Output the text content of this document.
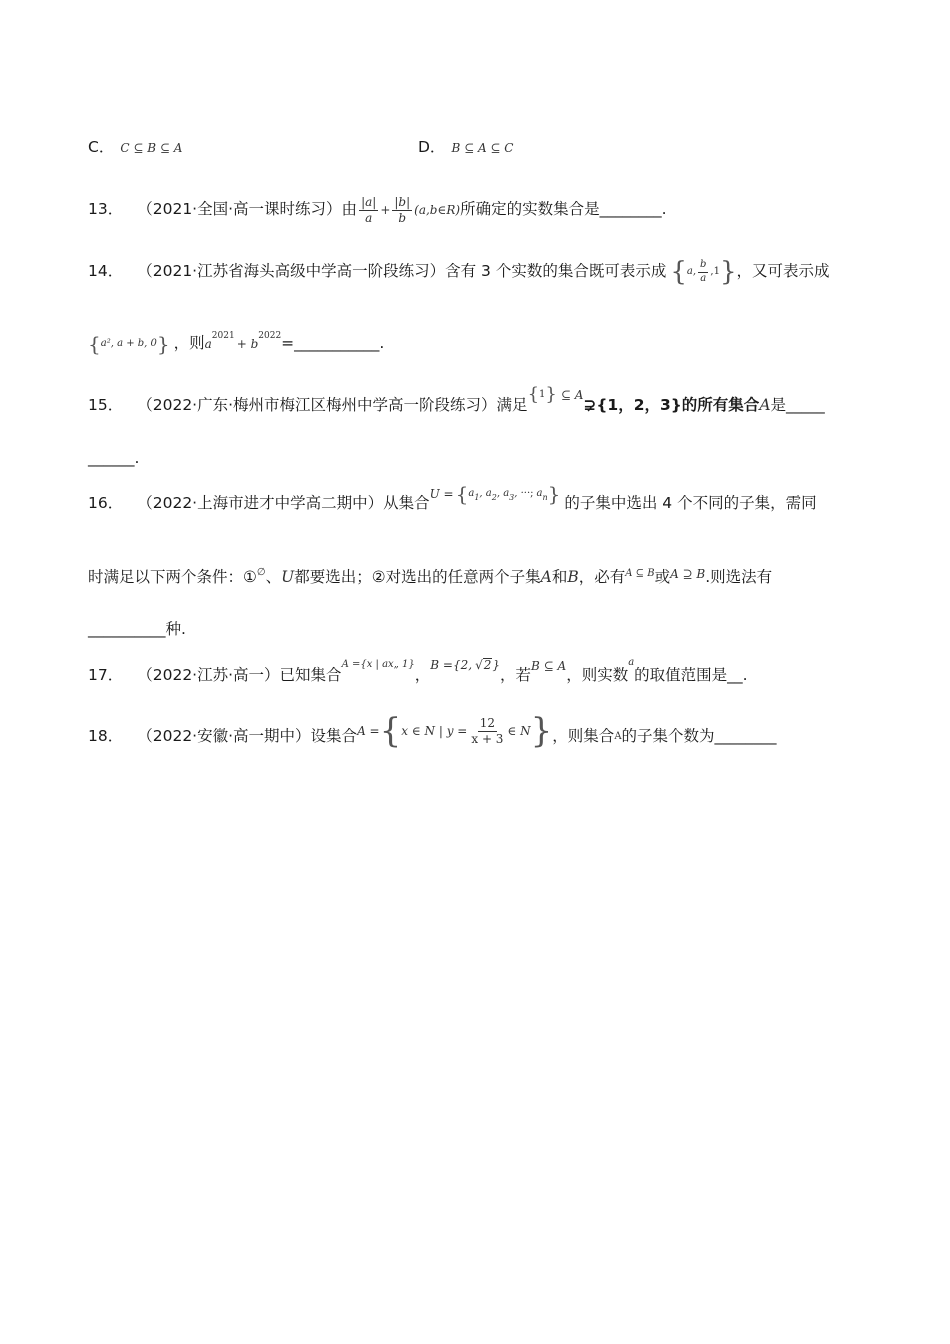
C． C ⊆ B ⊆ A	D． B ⊆ A ⊆ C
13． （2021·全国·高一课时练习） 由 $\frac{|a|}{a} + \frac{|b|}{b}$ (a,b∈R) 所确定的实数集合是________.
14． （2021·江苏省海头高级中学高一阶段练习） 含有 3 个实数的集合既可表示成 { a, $\frac{b}{a} ,1$ } ，又可表示成
{ a², a + b, 0 } ，则 a
2021
+ b
2022 =___________.
15． （2022·广东·梅州市梅江区梅州中学高一阶段练习） 满足
{ 1 } ⊆ A
⊋{1，2，3}的所有集合 A 是_____
______.
16． （2022·上海市进才中学高二期中） 从集合
U = { $a_1$, $a_2$, $a_3$, ···; $a_n$ } 的子集中选出 4 个不同的子集，需同
时满足以下两个条件：① ∅ 、 U 都要选出；②对选出的任意两个子集 A 和 B ，必有 A ⊆ B 或 A ⊇ B .则选法有
__________种.
17． （2022·江苏·高一） 已知集合
A ={x | ax„ 1}
，
B ={2, √ 2 }
，若
B ⊆ A
，则实数
a
的取值范围是__.
18． （2022·安徽·高一期中） 设集合 A = { x ∈ N | $y = \frac{12}{x + 3}$ ∈ N } ，则集合 A 的子集个数为________
